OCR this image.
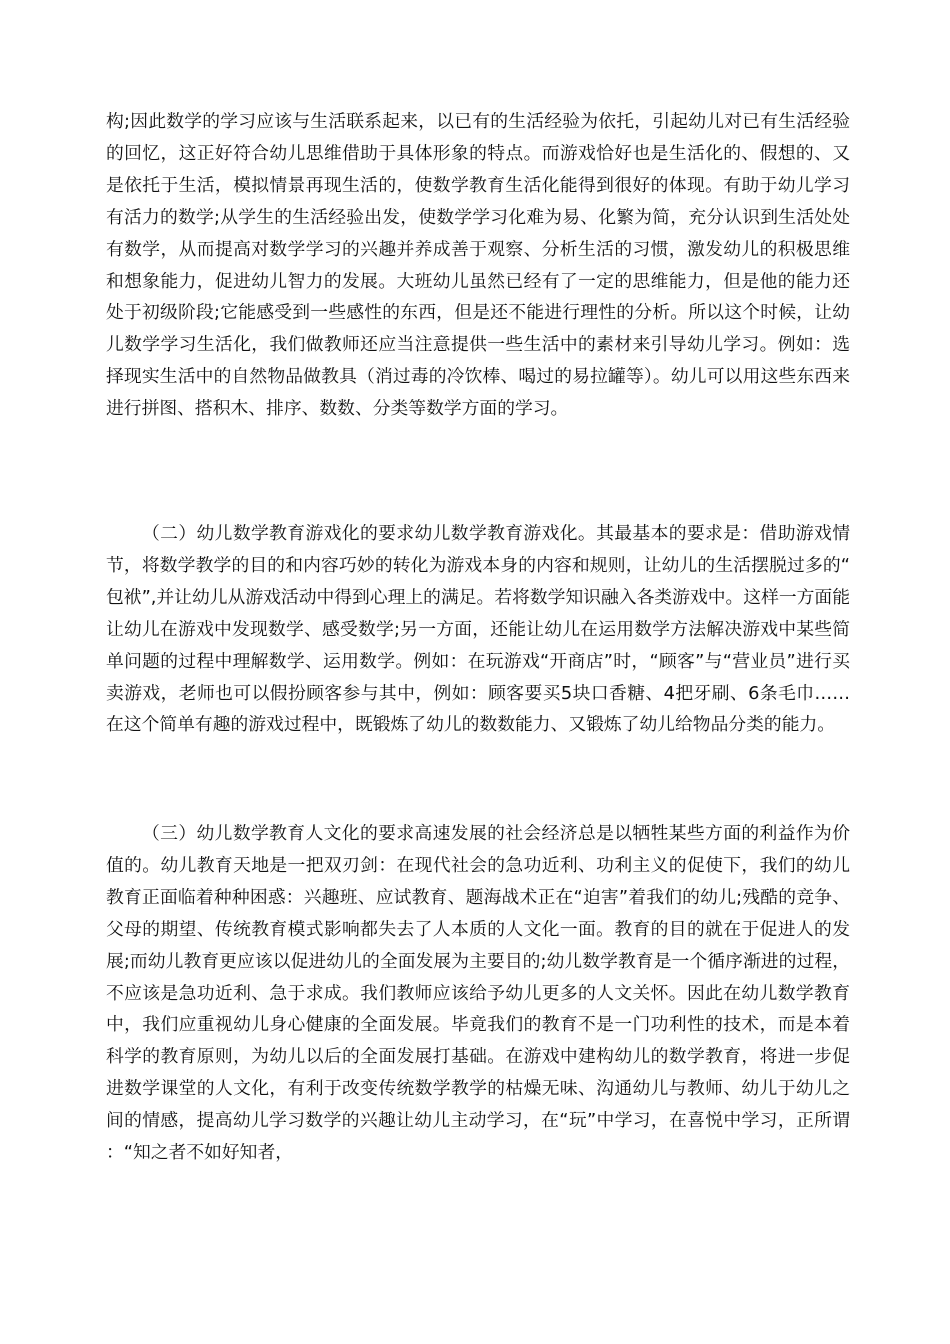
构;因此数学的学习应该与生活联系起来，以已有的生活经验为依托，引起幼儿对已有生活经验的回忆，这正好符合幼儿思维借助于具体形象的特点。而游戏恰好也是生活化的、假想的、又是依托于生活，模拟情景再现生活的，使数学教育生活化能得到很好的体现。有助于幼儿学习有活力的数学;从学生的生活经验出发，使数学学习化难为易、化繁为简，充分认识到生活处处有数学，从而提高对数学学习的兴趣并养成善于观察、分析生活的习惯，激发幼儿的积极思维和想象能力，促进幼儿智力的发展。大班幼儿虽然已经有了一定的思维能力，但是他的能力还处于初级阶段;它能感受到一些感性的东西，但是还不能进行理性的分析。所以这个时候，让幼儿数学学习生活化，我们做教师还应当注意提供一些生活中的素材来引导幼儿学习。例如：选择现实生活中的自然物品做教具（消过毒的冷饮棒、喝过的易拉罐等）。幼儿可以用这些东西来进行拼图、搭积木、排序、数数、分类等数学方面的学习。

（二）幼儿数学教育游戏化的要求幼儿数学教育游戏化。其最基本的要求是：借助游戏情节，将数学教学的目的和内容巧妙的转化为游戏本身的内容和规则，让幼儿的生活摆脱过多的“包袱”,并让幼儿从游戏活动中得到心理上的满足。若将数学知识融入各类游戏中。这样一方面能让幼儿在游戏中发现数学、感受数学;另一方面，还能让幼儿在运用数学方法解决游戏中某些简单问题的过程中理解数学、运用数学。例如：在玩游戏“开商店”时，“顾客”与“营业员”进行买卖游戏，老师也可以假扮顾客参与其中，例如：顾客要买5块口香糖、4把牙刷、6条毛巾……在这个简单有趣的游戏过程中，既锻炼了幼儿的数数能力、又锻炼了幼儿给物品分类的能力。

（三）幼儿数学教育人文化的要求高速发展的社会经济总是以牺牲某些方面的利益作为价值的。幼儿教育天地是一把双刃剑：在现代社会的急功近利、功利主义的促使下，我们的幼儿教育正面临着种种困惑：兴趣班、应试教育、题海战术正在“迫害”着我们的幼儿;残酷的竞争、父母的期望、传统教育模式影响都失去了人本质的人文化一面。教育的目的就在于促进人的发展;而幼儿教育更应该以促进幼儿的全面发展为主要目的;幼儿数学教育是一个循序渐进的过程，不应该是急功近利、急于求成。我们教师应该给予幼儿更多的人文关怀。因此在幼儿数学教育中，我们应重视幼儿身心健康的全面发展。毕竟我们的教育不是一门功利性的技术，而是本着科学的教育原则，为幼儿以后的全面发展打基础。在游戏中建构幼儿的数学教育，将进一步促进数学课堂的人文化，有利于改变传统数学教学的枯燥无味、沟通幼儿与教师、幼儿于幼儿之间的情感，提高幼儿学习数学的兴趣让幼儿主动学习，在“玩”中学习，在喜悦中学习，正所谓：“知之者不如好知者，
